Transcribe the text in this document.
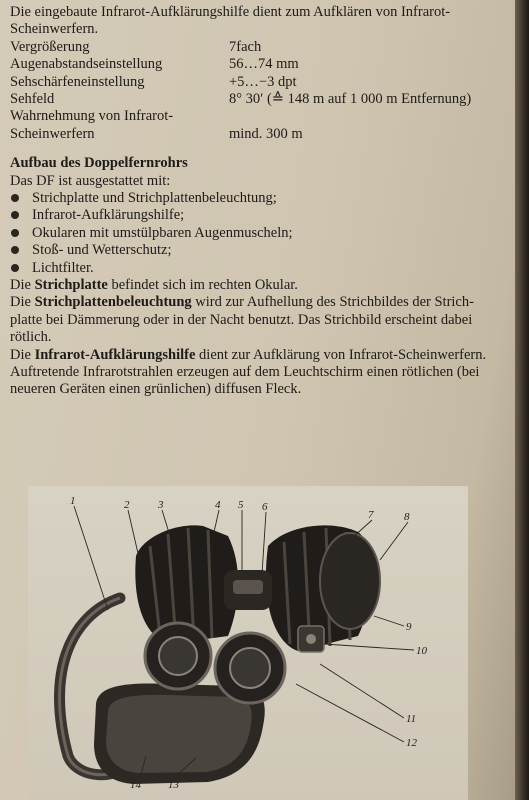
Die eingebaute Infrarot-Aufklärungshilfe dient zum Aufklären von Infrarot-
Scheinwerfern.
Vergrößerung	7fach
Augenabstandseinstellung	56…74 mm
Sehschärfeneinstellung	+5…−3 dpt
Sehfeld	8° 30′ (≙ 148 m auf 1 000 m Entfernung)
Wahrnehmung von Infrarot-
Scheinwerfern	mind. 300 m
Aufbau des Doppelfernrohrs
Das DF ist ausgestattet mit:
Strichplatte und Strichplattenbeleuchtung;
Infrarot-Aufklärungshilfe;
Okularen mit umstülpbaren Augenmuscheln;
Stoß- und Wetterschutz;
Lichtfilter.
Die Strichplatte befindet sich im rechten Okular.
Die Strichplattenbeleuchtung wird zur Aufhellung des Strichbildes der Strich-
platte bei Dämmerung oder in der Nacht benutzt. Das Strichbild erscheint dabei
rötlich.
Die Infrarot-Aufklärungshilfe dient zur Aufklärung von Infrarot-Scheinwerfern.
Auftretende Infrarotstrahlen erzeugen auf dem Leuchtschirm einen rötlichen (bei
neueren Geräten einen grünlichen) diffusen Fleck.
1	2	3	4 5 6
7	8
9
10
11
12
13
14
